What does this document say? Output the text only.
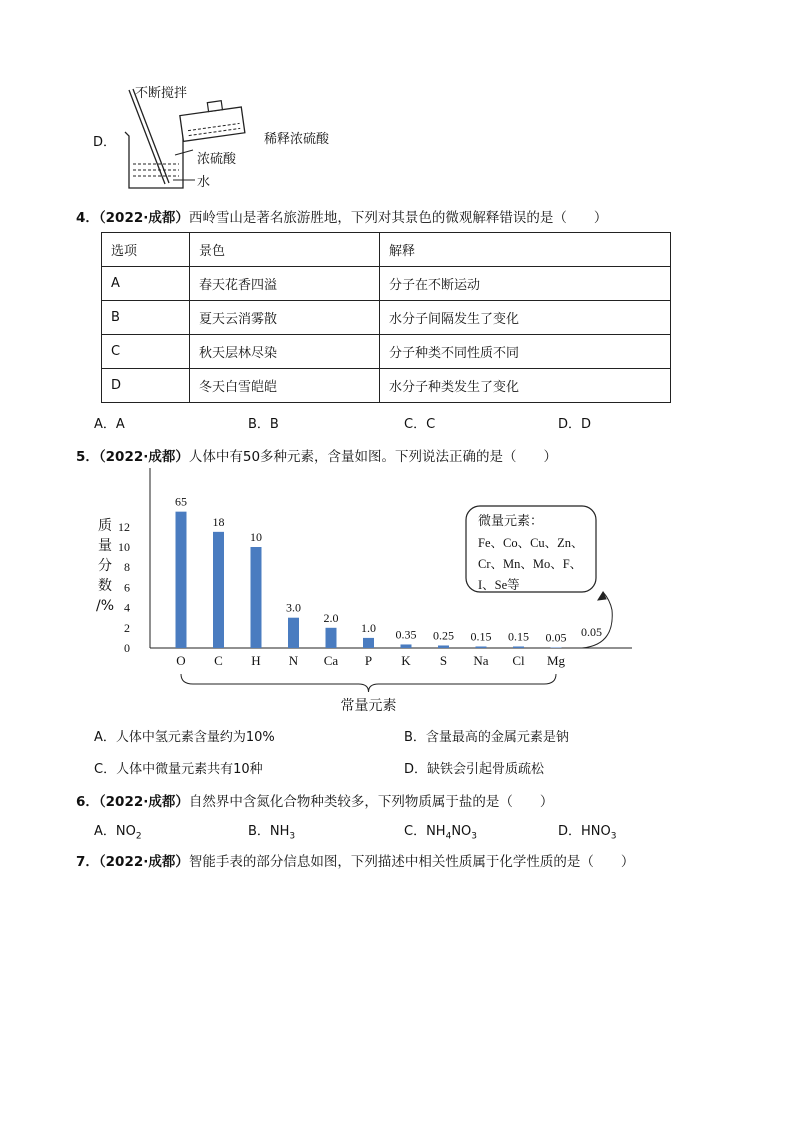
D．
不断搅拌
浓硫酸
水
稀释浓硫酸
4．（2022·成都）西岭雪山是著名旅游胜地，下列对其景色的微观解释错误的是（　　）
选项	景色	解释
A	春天花香四溢	分子在不断运动
B	夏天云消雾散	水分子间隔发生了变化
C	秋天层林尽染	分子种类不同性质不同
D	冬天白雪皑皑	水分子种类发生了变化
A．A	B．B	C．C	D．D
5．（2022·成都）人体中有50多种元素，含量如图。下列说法正确的是（　　）
0
2
4
6
8
10
12
质
量
分
数
/%
65
O
18
C
10
H
3.0
N
2.0
Ca
1.0
P
0.35
K
0.25
S
0.15
Na
0.15
Cl
0.05
Mg
0.05
常量元素
微量元素：
Fe、Co、Cu、Zn、
Cr、Mn、Mo、F、
I、Se等
A．人体中氢元素含量约为10%	B．含量最高的金属元素是钠
C．人体中微量元素共有10种	D．缺铁会引起骨质疏松
6．（2022·成都）自然界中含氮化合物种类较多，下列物质属于盐的是（　　）
A．$NO_2$	B．$NH_3$	C．$NH_4NO_3$	D．$HNO_3$
7．（2022·成都）智能手表的部分信息如图，下列描述中相关性质属于化学性质的是（　　）
